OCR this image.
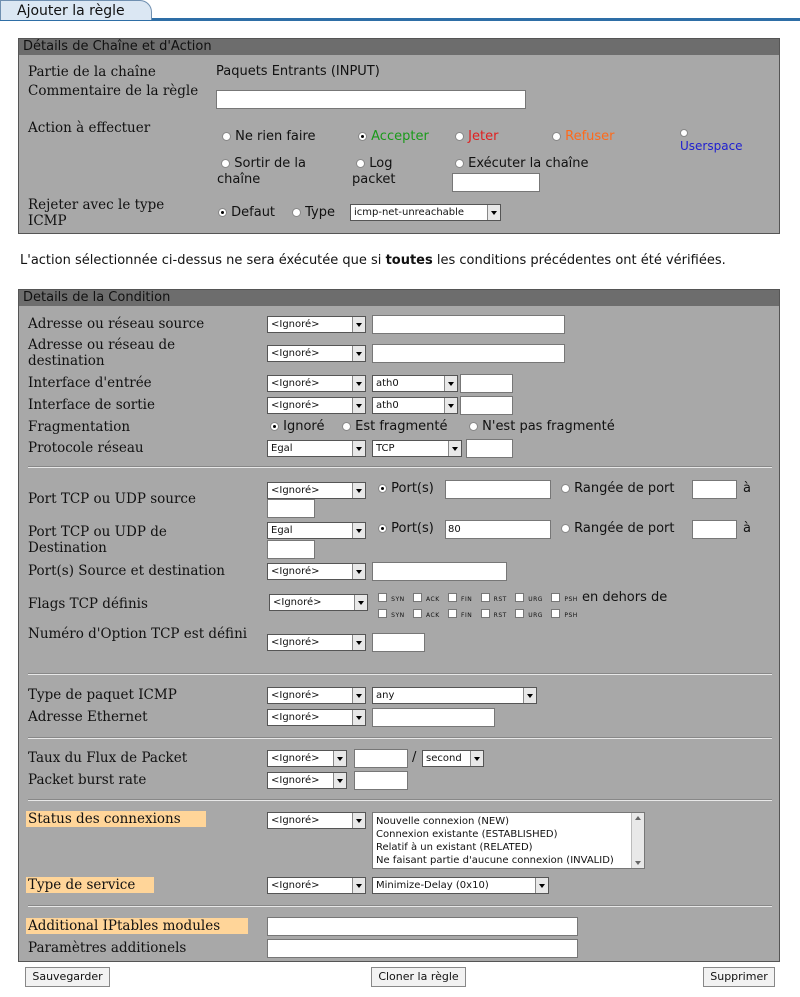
Ajouter la règle
Détails de Chaîne et d'Action
Partie de la chaîne	Paquets Entrants (INPUT)
Commentaire de la règle
Action à effectuer
Ne rien faire	Accepter	Jeter	Refuser

Userspace
Sortir de la chaîne
Log packet
Exécuter la chaîne
Rejeter avec le type ICMP
Defaut	Type	icmp-net-unreachable
L'action sélectionnée ci-dessus ne sera éxécutée que si toutes les conditions précédentes ont été vérifiées.
Details de la Condition
Adresse ou réseau source	<Ignoré>
Adresse ou réseau de destination	<Ignoré>
Interface d'entrée	<Ignoré>	ath0
Interface de sortie	<Ignoré>	ath0
Fragmentation	Ignoré	Est fragmenté	N'est pas fragmenté
Protocole réseau	Egal	TCP
Port TCP ou UDP source
<Ignoré>	Port(s)	Rangée de port	à
Port TCP ou UDP de Destination
Egal	Port(s)	80	Rangée de port	à
Port(s) Source et destination	<Ignoré>
Flags TCP définis	<Ignoré>	SYN	ACK	FIN	RST	URG	PSH en dehors de
SYN	ACK	FIN	RST	URG	PSH
Numéro d'Option TCP est défini
<Ignoré>
Type de paquet ICMP	<Ignoré>	any
Adresse Ethernet	<Ignoré>
Taux du Flux de Packet	<Ignoré>	/ second
Packet burst rate	<Ignoré>
Status des connexions	<Ignoré>	Nouvelle connexion (NEW)
Connexion existante (ESTABLISHED)
Relatif à un existant (RELATED)
Ne faisant partie d'aucune connexion (INVALID)
Type de service	<Ignoré>	Minimize-Delay (0x10)
Additional IPtables modules
Paramètres additionels
Sauvegarder	Cloner la règle	Supprimer
